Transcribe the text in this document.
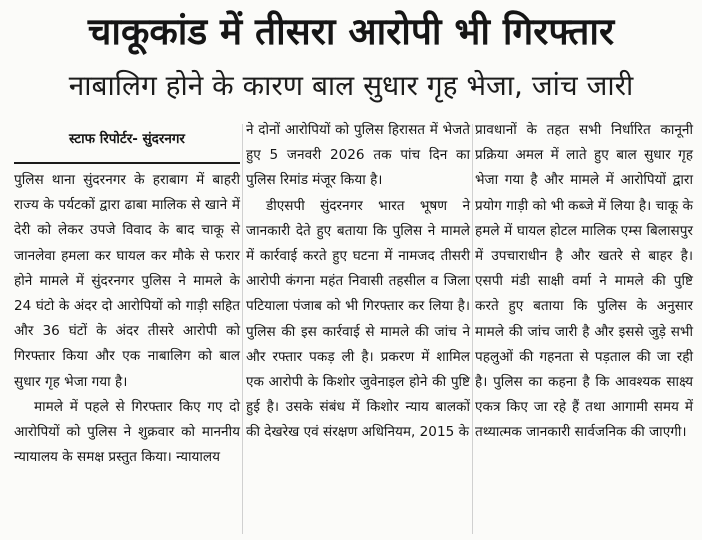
चाकूकांड में तीसरा आरोपी भी गिरफ्तार
नाबालिग होने के कारण बाल सुधार गृह भेजा, जांच जारी
स्टाफ रिपोर्टर- सुंदरनगर

पुलिस थाना सुंदरनगर के हराबाग में बाहरी राज्य के पर्यटकों द्वारा ढाबा मालिक से खाने में देरी को लेकर उपजे विवाद के बाद चाकू से जानलेवा हमला कर घायल कर मौके से फरार होने मामले में सुंदरनगर पुलिस ने मामले के 24 घंटो के अंदर दो आरोपियों को गाड़ी सहित और 36 घंटों के अंदर तीसरे आरोपी को गिरफ्तार किया और एक नाबालिग को बाल सुधार गृह भेजा गया है।

मामले में पहले से गिरफ्तार किए गए दो आरोपियों को पुलिस ने शुक्रवार को माननीय न्यायालय के समक्ष प्रस्तुत किया। न्यायालय

ने दोनों आरोपियों को पुलिस हिरासत में भेजते हुए 5 जनवरी 2026 तक पांच दिन का पुलिस रिमांड मंजूर किया है।

डीएसपी सुंदरनगर भारत भूषण ने जानकारी देते हुए बताया कि पुलिस ने मामले में कार्रवाई करते हुए घटना में नामजद तीसरी आरोपी कंगना महंत निवासी तहसील व जिला पटियाला पंजाब को भी गिरफ्तार कर लिया है। पुलिस की इस कार्रवाई से मामले की जांच ने और रफ्तार पकड़ ली है। प्रकरण में शामिल एक आरोपी के किशोर जुवेनाइल होने की पुष्टि हुई है। उसके संबंध में किशोर न्याय बालकों की देखरेख एवं संरक्षण अधिनियम, 2015 के

प्रावधानों के तहत सभी निर्धारित कानूनी प्रक्रिया अमल में लाते हुए बाल सुधार गृह भेजा गया है और मामले में आरोपियों द्वारा प्रयोग गाड़ी को भी कब्जे में लिया है। चाकू के हमले में घायल होटल मालिक एम्स बिलासपुर में उपचाराधीन है और खतरे से बाहर है। एसपी मंडी साक्षी वर्मा ने मामले की पुष्टि करते हुए बताया कि पुलिस के अनुसार मामले की जांच जारी है और इससे जुड़े सभी पहलुओं की गहनता से पड़ताल की जा रही है। पुलिस का कहना है कि आवश्यक साक्ष्य एकत्र किए जा रहे हैं तथा आगामी समय में तथ्यात्मक जानकारी सार्वजनिक की जाएगी।
